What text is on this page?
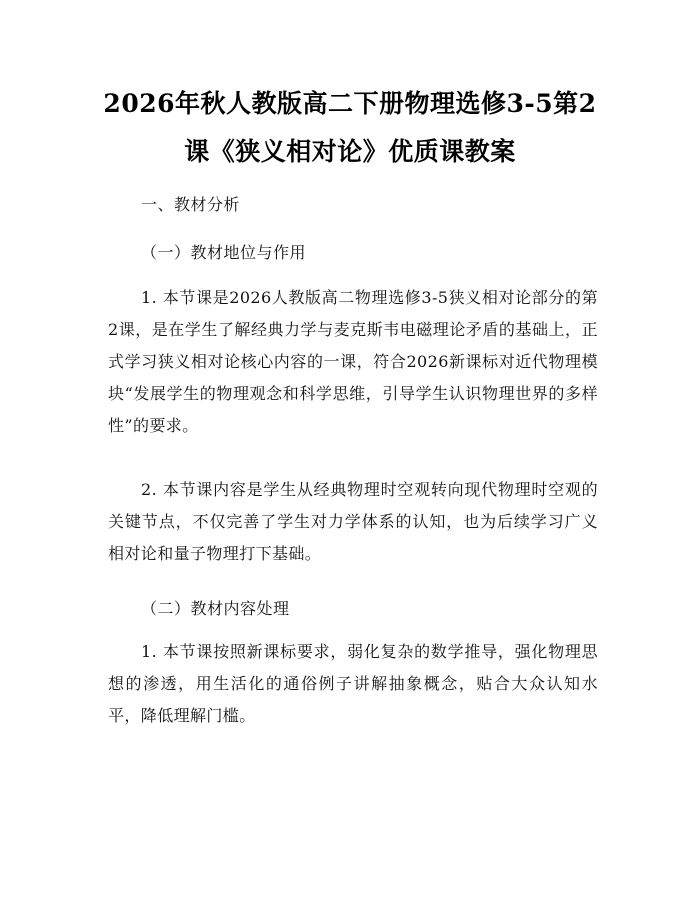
2026年秋人教版高二下册物理选修3-5第2
课《狭义相对论》优质课教案
一、教材分析
（一）教材地位与作用

1. 本节课是2026人教版高二物理选修3-5狭义相对论部分的第2课，是在学生了解经典力学与麦克斯韦电磁理论矛盾的基础上，正式学习狭义相对论核心内容的一课，符合2026新课标对近代物理模块“发展学生的物理观念和科学思维，引导学生认识物理世界的多样性”的要求。

2. 本节课内容是学生从经典物理时空观转向现代物理时空观的关键节点，不仅完善了学生对力学体系的认知，也为后续学习广义相对论和量子物理打下基础。

（二）教材内容处理

1. 本节课按照新课标要求，弱化复杂的数学推导，强化物理思想的渗透，用生活化的通俗例子讲解抽象概念，贴合大众认知水平，降低理解门槛。
